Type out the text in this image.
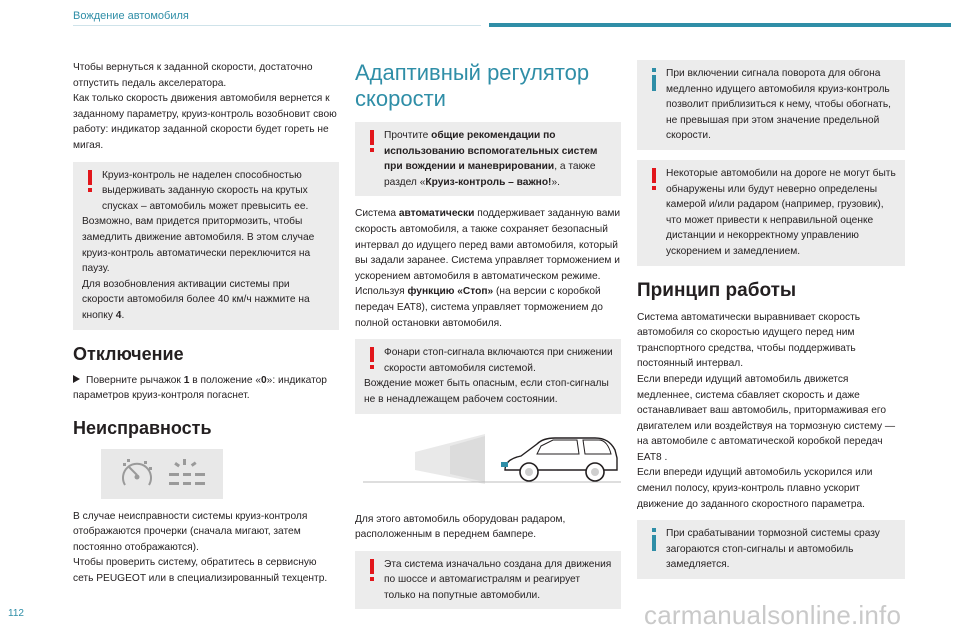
Вождение автомобиля
Чтобы вернуться к заданной скорости, достаточно отпустить педаль акселератора.
Как только скорость движения автомобиля вернется к заданному параметру, круиз-контроль возобновит свою работу: индикатор заданной скорости будет гореть не мигая.
Круиз-контроль не наделен способностью выдерживать заданную скорость на крутых спусках – автомобиль может превысить ее.
Возможно, вам придется притормозить, чтобы замедлить движение автомобиля. В этом случае круиз-контроль автоматически переключится на паузу.
Для возобновления активации системы при скорости автомобиля более 40 км/ч нажмите на кнопку 4.
Отключение
Поверните рычажок 1 в положение «0»: индикатор параметров круиз-контроля погаснет.
Неисправность
В случае неисправности системы круиз-контроля отображаются прочерки (сначала мигают, затем постоянно отображаются).
Чтобы проверить систему, обратитесь в сервисную сеть PEUGEOT или в специализированный техцентр.
Адаптивный регулятор скорости
Прочтите общие рекомендации по использованию вспомогательных систем при вождении и маневрировании, а также раздел «Круиз-контроль – важно!».
Система автоматически поддерживает заданную вами скорость автомобиля, а также сохраняет безопасный интервал до идущего перед вами автомобиля, который вы задали заранее. Система управляет торможением и ускорением автомобиля в автоматическом режиме.
Используя функцию «Стоп» (на версии с коробкой передач EAT8), система управляет торможением до полной остановки автомобиля.
Фонари стоп-сигнала включаются при снижении скорости автомобиля системой.
Вождение может быть опасным, если стоп-сигналы не в ненадлежащем рабочем состоянии.
Для этого автомобиль оборудован радаром, расположенным в переднем бампере.
Эта система изначально создана для движения по шоссе и автомагистралям и реагирует только на попутные автомобили.
При включении сигнала поворота для обгона медленно идущего автомобиля круиз-контроль позволит приблизиться к нему, чтобы обогнать, не превышая при этом значение предельной скорости.
Некоторые автомобили на дороге не могут быть обнаружены или будут неверно определены камерой и/или радаром (например, грузовик), что может привести к неправильной оценке дистанции и некорректному управлению ускорением и замедлением.
Принцип работы
Система автоматически выравнивает скорость автомобиля со скоростью идущего перед ним транспортного средства, чтобы поддерживать постоянный интервал.
Если впереди идущий автомобиль движется медленнее, система сбавляет скорость и даже останавливает ваш автомобиль, притормаживая его двигателем или воздействуя на тормозную систему — на автомобиле с автоматической коробкой передач EAT8 .
Если впереди идущий автомобиль ускорился или сменил полосу, круиз-контроль плавно ускорит движение до заданного скоростного параметра.
При срабатывании тормозной системы сразу загораются стоп-сигналы и автомобиль замедляется.
112	carmanualsonline.info
